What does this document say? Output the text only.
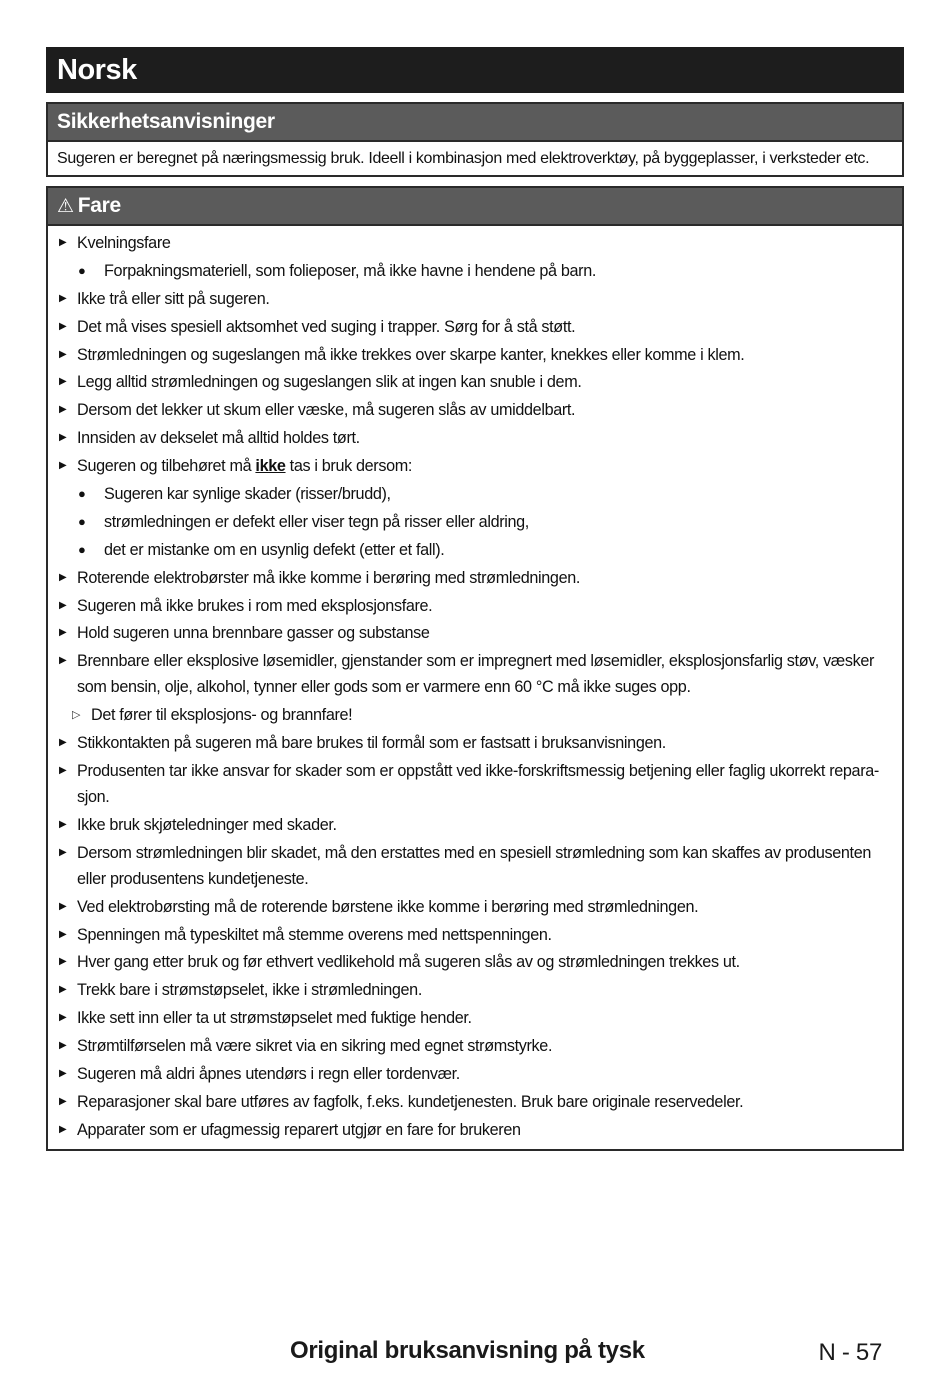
Norsk
Sikkerhetsanvisninger
Sugeren er beregnet på næringsmessig bruk. Ideell i kombinasjon med elektroverktøy, på byggeplasser, i verksteder etc.
⚠ Fare
▶ Kvelningsfare
● Forpakningsmateriell, som folieposer, må ikke havne i hendene på barn.
▶ Ikke trå eller sitt på sugeren.
▶ Det må vises spesiell aktsomhet ved suging i trapper. Sørg for å stå støtt.
▶ Strømledningen og sugeslangen må ikke trekkes over skarpe kanter, knekkes eller komme i klem.
▶ Legg alltid strømledningen og sugeslangen slik at ingen kan snuble i dem.
▶ Dersom det lekker ut skum eller væske, må sugeren slås av umiddelbart.
▶ Innsiden av dekselet må alltid holdes tørt.
▶ Sugeren og tilbehøret må ikke tas i bruk dersom:
● Sugeren kar synlige skader (risser/brudd),
● strømledningen er defekt eller viser tegn på risser eller aldring,
● det er mistanke om en usynlig defekt (etter et fall).
▶ Roterende elektrobørster må ikke komme i berøring med strømledningen.
▶ Sugeren må ikke brukes i rom med eksplosjonsfare.
▶ Hold sugeren unna brennbare gasser og substanse
▶ Brennbare eller eksplosive løsemidler, gjenstander som er impregnert med løsemidler, eksplosjonsfarlig støv, væsker som bensin, olje, alkohol, tynner eller gods som er varmere enn 60 °C må ikke suges opp.
▷ Det fører til eksplosjons- og brannfare!
▶ Stikkontakten på sugeren må bare brukes til formål som er fastsatt i bruksanvisningen.
▶ Produsenten tar ikke ansvar for skader som er oppstått ved ikke-forskriftsmessig betjening eller faglig ukorrekt repara-sjon.
▶ Ikke bruk skjøteledninger med skader.
▶ Dersom strømledningen blir skadet, må den erstattes med en spesiell strømledning som kan skaffes av produsenten eller produsentens kundetjeneste.
▶ Ved elektrobørsting må de roterende børstene ikke komme i berøring med strømledningen.
▶ Spenningen må typeskiltet må stemme overens med nettspenningen.
▶ Hver gang etter bruk og før ethvert vedlikehold må sugeren slås av og strømledningen trekkes ut.
▶ Trekk bare i strømstøpselet, ikke i strømledningen.
▶ Ikke sett inn eller ta ut strømstøpselet med fuktige hender.
▶ Strømtilførselen må være sikret via en sikring med egnet strømstyrke.
▶ Sugeren må aldri åpnes utendørs i regn eller tordenvær.
▶ Reparasjoner skal bare utføres av fagfolk, f.eks. kundetjenesten. Bruk bare originale reservedeler.
▶ Apparater som er ufagmessig reparert utgjør en fare for brukeren
Original bruksanvisning på tysk	N - 57
